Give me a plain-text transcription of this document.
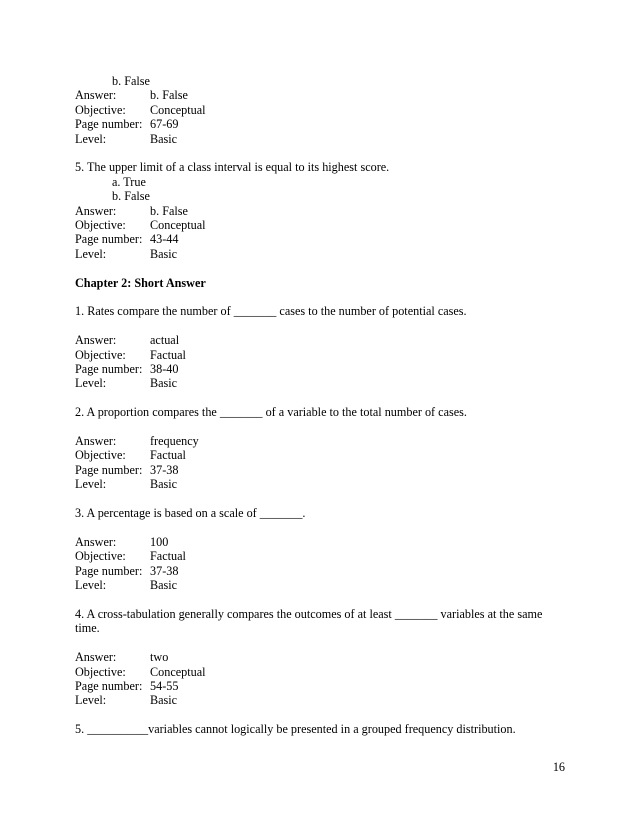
b. False
Answer:	b. False
Objective:	Conceptual
Page number: 67-69
Level:	Basic
5. The upper limit of a class interval is equal to its highest score.
a. True
b. False
Answer:	b. False
Objective:	Conceptual
Page number: 43-44
Level:	Basic
Chapter 2: Short Answer
1. Rates compare the number of _______ cases to the number of potential cases.
Answer:	actual
Objective:	Factual
Page number: 38-40
Level:	Basic
2. A proportion compares the _______ of a variable to the total number of cases.
Answer:	frequency
Objective:	Factual
Page number: 37-38
Level:	Basic
3. A percentage is based on a scale of _______.
Answer:	100
Objective:	Factual
Page number: 37-38
Level:	Basic
4. A cross-tabulation generally compares the outcomes of at least _______ variables at the same time.
Answer:	two
Objective:	Conceptual
Page number: 54-55
Level:	Basic
5. __________variables cannot logically be presented in a grouped frequency distribution.
16
